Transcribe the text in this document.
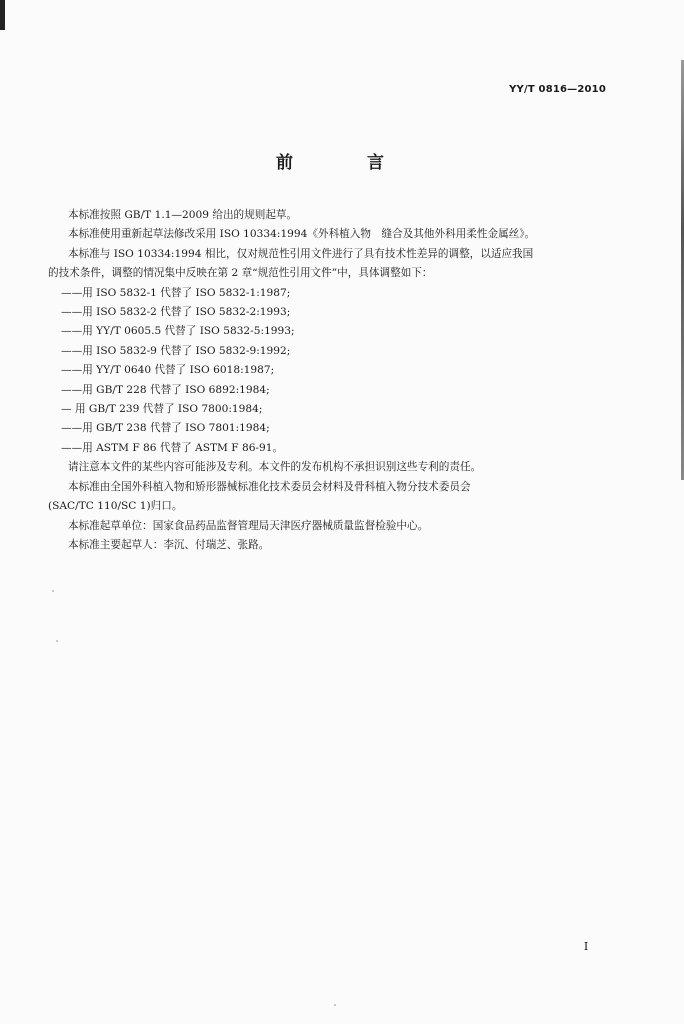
YY/T 0816—2010
前 言

本标准按照 GB/T 1.1—2009 给出的规则起草。

本标准使用重新起草法修改采用 ISO 10334:1994《外科植入物　缝合及其他外科用柔性金属丝》。

本标准与 ISO 10334:1994 相比，仅对规范性引用文件进行了具有技术性差异的调整，以适应我国

的技术条件，调整的情况集中反映在第 2 章“规范性引用文件”中，具体调整如下：

——用 ISO 5832-1 代替了 ISO 5832-1:1987;

——用 ISO 5832-2 代替了 ISO 5832-2:1993;

——用 YY/T 0605.5 代替了 ISO 5832-5:1993;

——用 ISO 5832-9 代替了 ISO 5832-9:1992;

——用 YY/T 0640 代替了 ISO 6018:1987;

——用 GB/T 228 代替了 ISO 6892:1984;

— 用 GB/T 239 代替了 ISO 7800:1984;

——用 GB/T 238 代替了 ISO 7801:1984;

——用 ASTM F 86 代替了 ASTM F 86-91。

请注意本文件的某些内容可能涉及专利。本文件的发布机构不承担识别这些专利的责任。

本标准由全国外科植入物和矫形器械标准化技术委员会材料及骨科植入物分技术委员会

(SAC/TC 110/SC 1)归口。

本标准起草单位：国家食品药品监督管理局天津医疗器械质量监督检验中心。

本标准主要起草人：李沉、付瑞芝、张路。

I
